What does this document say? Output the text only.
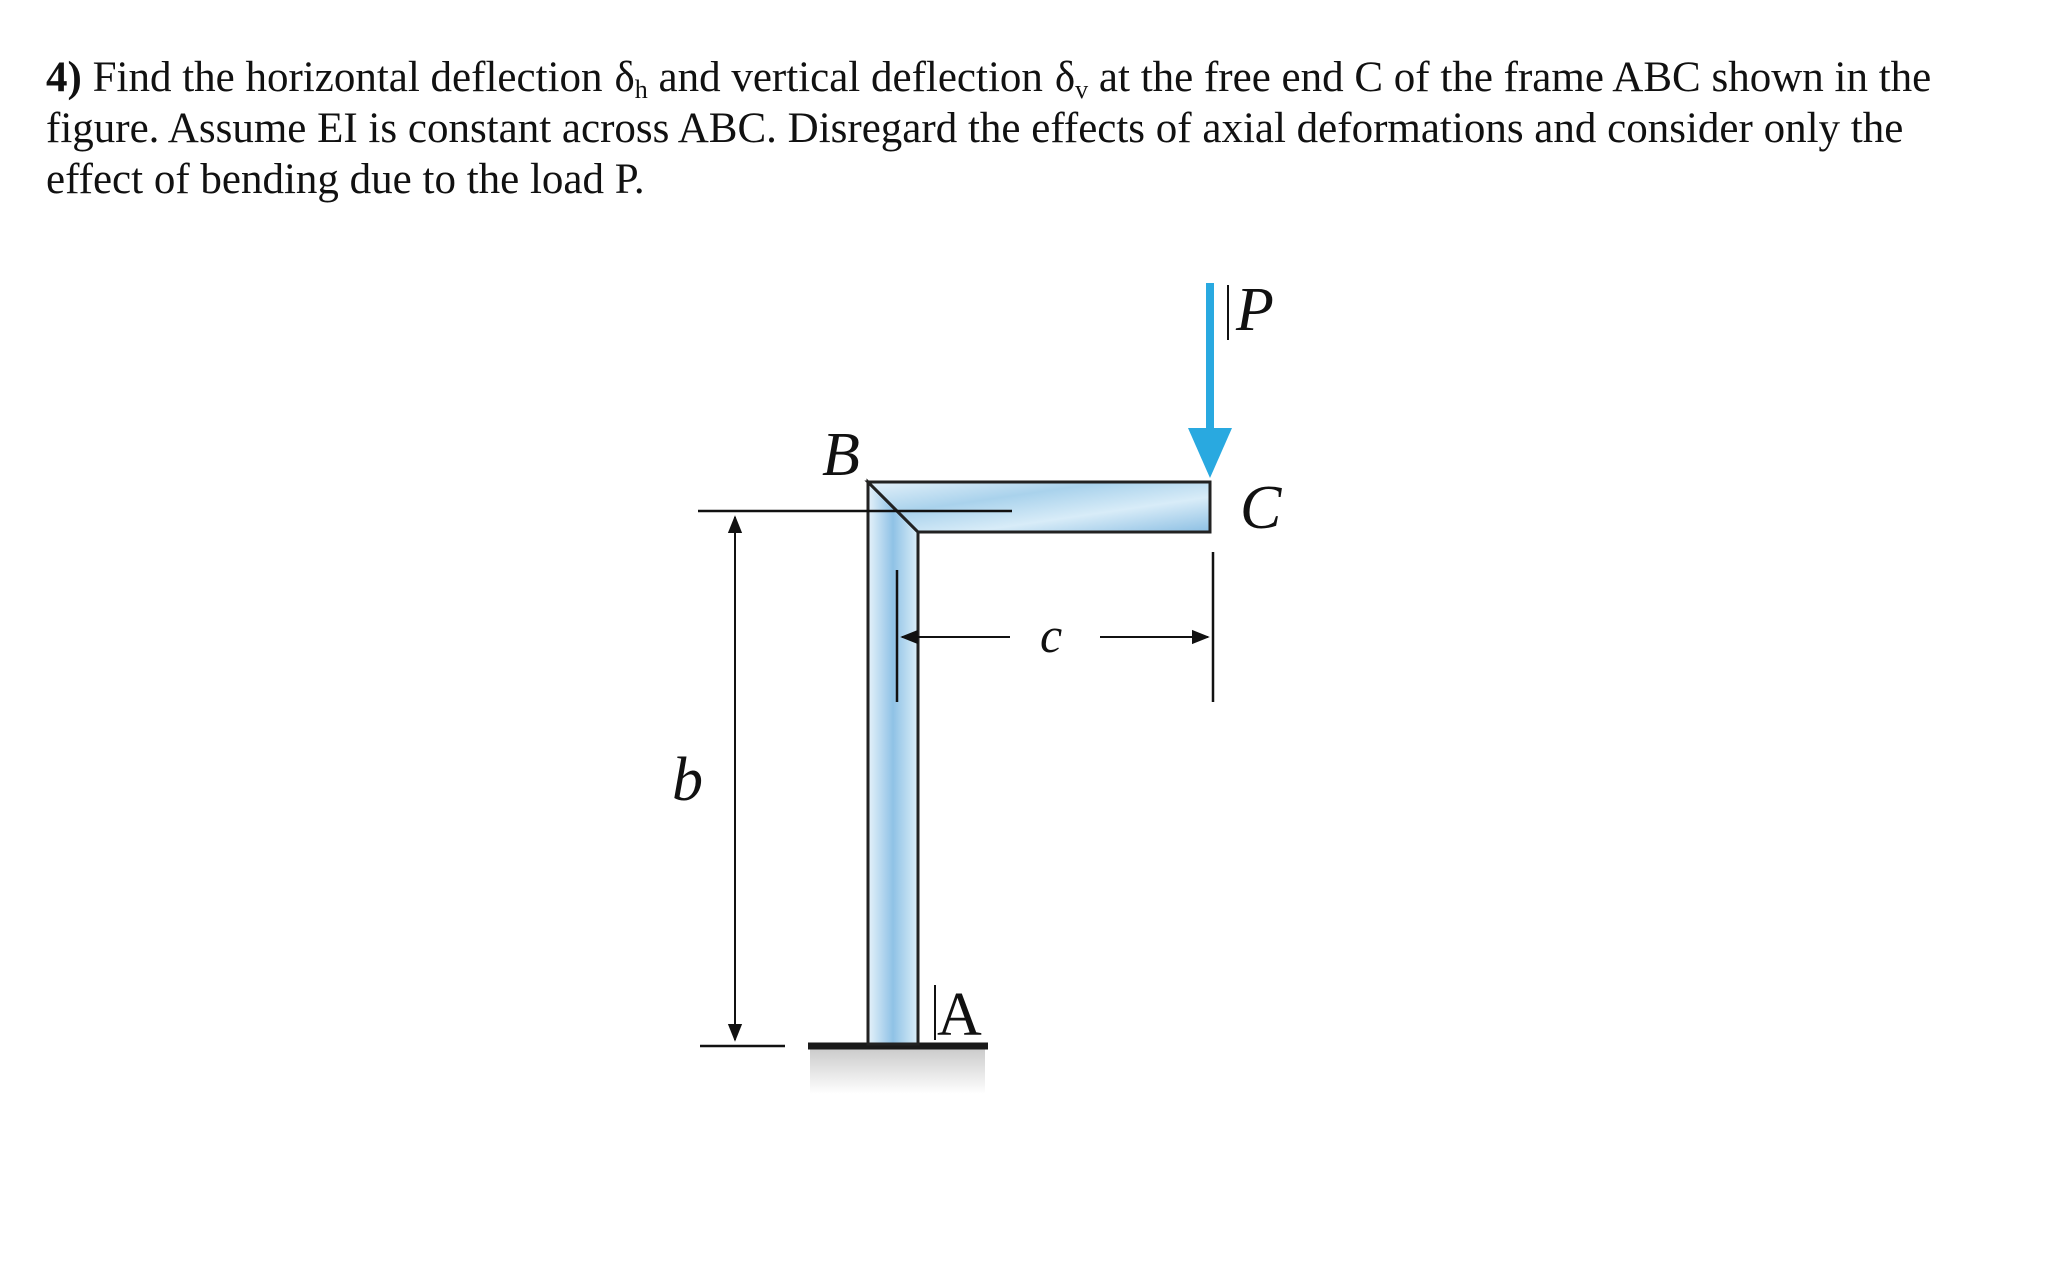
4) Find the horizontal deflection $\delta_h$ and vertical deflection $\delta_v$ at the free end C of the frame ABC shown in the figure. Assume EI is constant across ABC. Disregard the effects of axial deformations and consider only the effect of bending due to the load P.

P
B
C
A
b
c
